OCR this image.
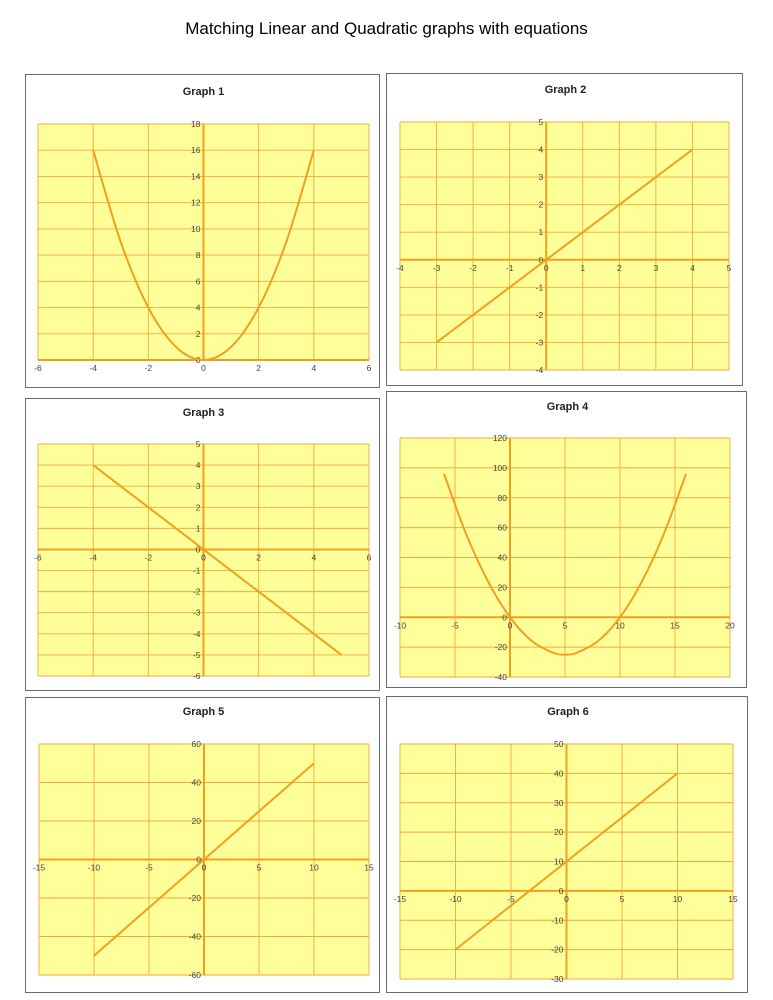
Matching Linear and Quadratic graphs with equations
Graph 1
-6	-4	-2	0	2	4	6
0
2
4
6
8
10
12
14
16
18
Graph 2
-4	-3	-2	-1	0	1	2	3	4	5
-4
-3
-2
-1
0
1
2
3
4
5
Graph 3
-6	-4	-2	0	2	4	6
-6
-5
-4
-3
-2
-1
0
1
2
3
4
5
Graph 4
-10	-5	0	5	10	15	20
-40
-20
0
20
40
60
80
100
120
Graph 5
-15	-10	-5	0	5	10	15
-60
-40
-20
0
20
40
60
Graph 6
-15	-10	-5	0	5	10	15
-30
-20
-10
0
10
20
30
40
50
